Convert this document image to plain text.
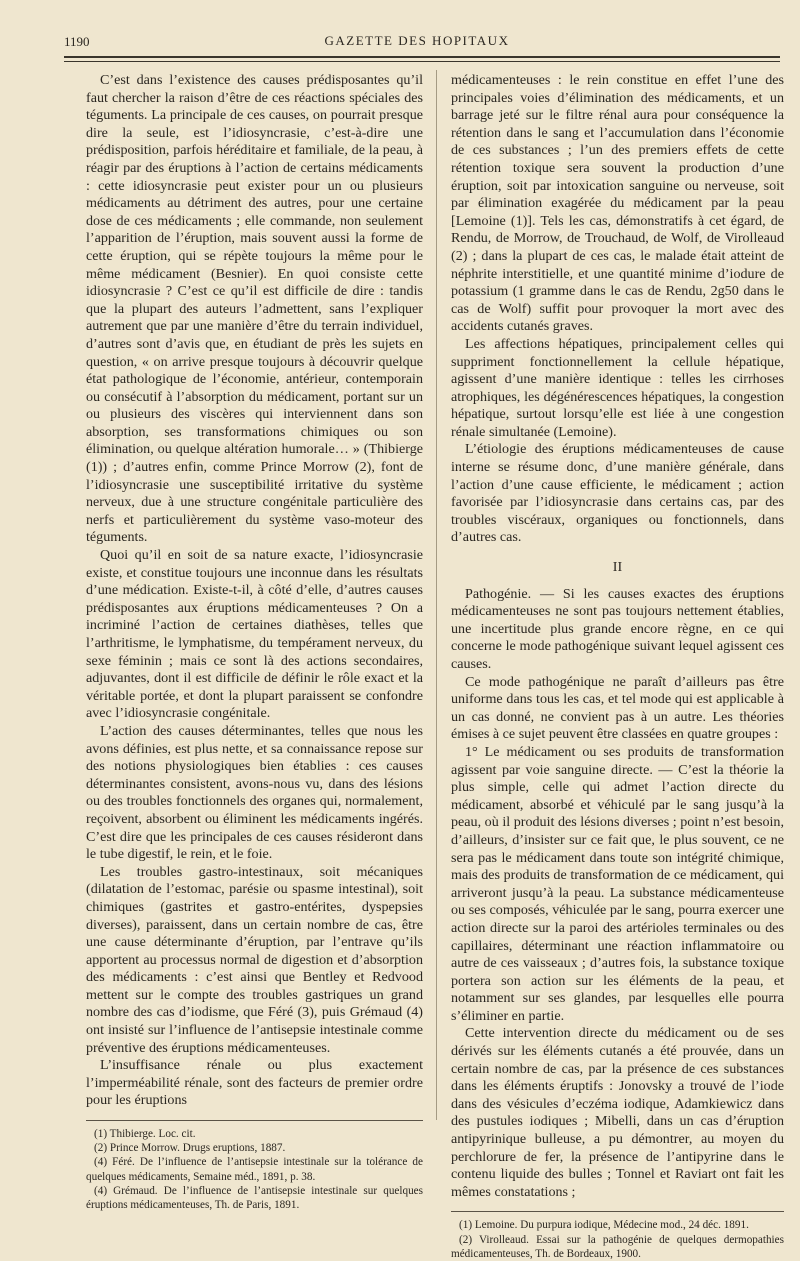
1190	GAZETTE DES HOPITAUX

C’est dans l’existence des causes prédisposantes qu’il faut chercher la raison d’être de ces réactions spéciales des téguments. La principale de ces causes, on pourrait presque dire la seule, est l’idiosyncrasie, c’est-à-dire une prédisposition, parfois héréditaire et familiale, de la peau, à réagir par des éruptions à l’action de certains médicaments : cette idiosyncrasie peut exister pour un ou plusieurs médicaments au détriment des autres, pour une certaine dose de ces médicaments ; elle commande, non seulement l’apparition de l’éruption, mais souvent aussi la forme de cette éruption, qui se répète toujours la même pour le même médicament (Besnier). En quoi consiste cette idiosyncrasie ? C’est ce qu’il est difficile de dire : tandis que la plupart des auteurs l’admettent, sans l’expliquer autrement que par une manière d’être du terrain individuel, d’autres sont d’avis que, en étudiant de près les sujets en question, « on arrive presque toujours à découvrir quelque état pathologique de l’économie, antérieur, contemporain ou consécutif à l’absorption du médicament, portant sur un ou plusieurs des viscères qui interviennent dans son absorption, ses transformations chimiques ou son élimination, ou quelque altération humorale… » (Thibierge (1)) ; d’autres enfin, comme Prince Morrow (2), font de l’idiosyncrasie une susceptibilité irritative du système nerveux, due à une structure congénitale particulière des nerfs et particulièrement du système vaso-moteur des téguments.

Quoi qu’il en soit de sa nature exacte, l’idiosyncrasie existe, et constitue toujours une inconnue dans les résultats d’une médication. Existe-t-il, à côté d’elle, d’autres causes prédisposantes aux éruptions médicamenteuses ? On a incriminé l’action de certaines diathèses, telles que l’arthritisme, le lymphatisme, du tempérament nerveux, du sexe féminin ; mais ce sont là des actions secondaires, adjuvantes, dont il est difficile de définir le rôle exact et la véritable portée, et dont la plupart paraissent se confondre avec l’idiosyncrasie congénitale.

L’action des causes déterminantes, telles que nous les avons définies, est plus nette, et sa connaissance repose sur des notions physiologiques bien établies : ces causes déterminantes consistent, avons-nous vu, dans des lésions ou des troubles fonctionnels des organes qui, normalement, reçoivent, absorbent ou éliminent les médicaments ingérés. C’est dire que les principales de ces causes résideront dans le tube digestif, le rein, et le foie.

Les troubles gastro-intestinaux, soit mécaniques (dilatation de l’estomac, parésie ou spasme intestinal), soit chimiques (gastrites et gastro-entérites, dyspepsies diverses), paraissent, dans un certain nombre de cas, être une cause déterminante d’éruption, par l’entrave qu’ils apportent au processus normal de digestion et d’absorption des médicaments : c’est ainsi que Bentley et Redvood mettent sur le compte des troubles gastriques un grand nombre des cas d’iodisme, que Féré (3), puis Grémaud (4) ont insisté sur l’influence de l’antisepsie intestinale comme préventive des éruptions médicamenteuses.

L’insuffisance rénale ou plus exactement l’imperméabilité rénale, sont des facteurs de premier ordre pour les éruptions

(1) Thibierge. Loc. cit.

(2) Prince Morrow. Drugs eruptions, 1887.

(4) Féré. De l’influence de l’antisepsie intestinale sur la tolérance de quelques médicaments, Semaine méd., 1891, p. 38.

(4) Grémaud. De l’influence de l’antisepsie intestinale sur quelques éruptions médicamenteuses, Th. de Paris, 1891.

médicamenteuses : le rein constitue en effet l’une des principales voies d’élimination des médicaments, et un barrage jeté sur le filtre rénal aura pour conséquence la rétention dans le sang et l’accumulation dans l’économie de ces substances ; l’un des premiers effets de cette rétention toxique sera souvent la production d’une éruption, soit par intoxication sanguine ou nerveuse, soit par élimination exagérée du médicament par la peau [Lemoine (1)]. Tels les cas, démonstratifs à cet égard, de Rendu, de Morrow, de Trouchaud, de Wolf, de Virolleaud (2) ; dans la plupart de ces cas, le malade était atteint de néphrite interstitielle, et une quantité minime d’iodure de potassium (1 gramme dans le cas de Rendu, 2g50 dans le cas de Wolf) suffit pour provoquer la mort avec des accidents cutanés graves.

Les affections hépatiques, principalement celles qui suppriment fonctionnellement la cellule hépatique, agissent d’une manière identique : telles les cirrhoses atrophiques, les dégénérescences hépatiques, la congestion hépatique, surtout lorsqu’elle est liée à une congestion rénale simultanée (Lemoine).

L’étiologie des éruptions médicamenteuses de cause interne se résume donc, d’une manière générale, dans l’action d’une cause efficiente, le médicament ; action favorisée par l’idiosyncrasie dans certains cas, par des troubles viscéraux, organiques ou fonctionnels, dans d’autres cas.

II

Pathogénie. — Si les causes exactes des éruptions médicamenteuses ne sont pas toujours nettement établies, une incertitude plus grande encore règne, en ce qui concerne le mode pathogénique suivant lequel agissent ces causes.

Ce mode pathogénique ne paraît d’ailleurs pas être uniforme dans tous les cas, et tel mode qui est applicable à un cas donné, ne convient pas à un autre. Les théories émises à ce sujet peuvent être classées en quatre groupes :

1° Le médicament ou ses produits de transformation agissent par voie sanguine directe. — C’est la théorie la plus simple, celle qui admet l’action directe du médicament, absorbé et véhiculé par le sang jusqu’à la peau, où il produit des lésions diverses ; point n’est besoin, d’ailleurs, d’insister sur ce fait que, le plus souvent, ce ne sera pas le médicament dans toute son intégrité chimique, mais des produits de transformation de ce médicament, qui arriveront jusqu’à la peau. La substance médicamenteuse ou ses composés, véhiculée par le sang, pourra exercer une action directe sur la paroi des artérioles terminales ou des capillaires, déterminant une réaction inflammatoire ou autre de ces vaisseaux ; d’autres fois, la substance toxique portera son action sur les éléments de la peau, et notamment sur ses glandes, par lesquelles elle pourra s’éliminer en partie.

Cette intervention directe du médicament ou de ses dérivés sur les éléments cutanés a été prouvée, dans un certain nombre de cas, par la présence de ces substances dans les éléments éruptifs : Jonovsky a trouvé de l’iode dans des vésicules d’eczéma iodique, Adamkiewicz dans des pustules iodiques ; Mibelli, dans un cas d’éruption antipyrinique bulleuse, a pu démontrer, au moyen du perchlorure de fer, la présence de l’antipyrine dans le contenu liquide des bulles ; Tonnel et Raviart ont fait les mêmes constatations ;

(1) Lemoine. Du purpura iodique, Médecine mod., 24 déc. 1891.

(2) Virolleaud. Essai sur la pathogénie de quelques dermopathies médicamenteuses, Th. de Bordeaux, 1900.
